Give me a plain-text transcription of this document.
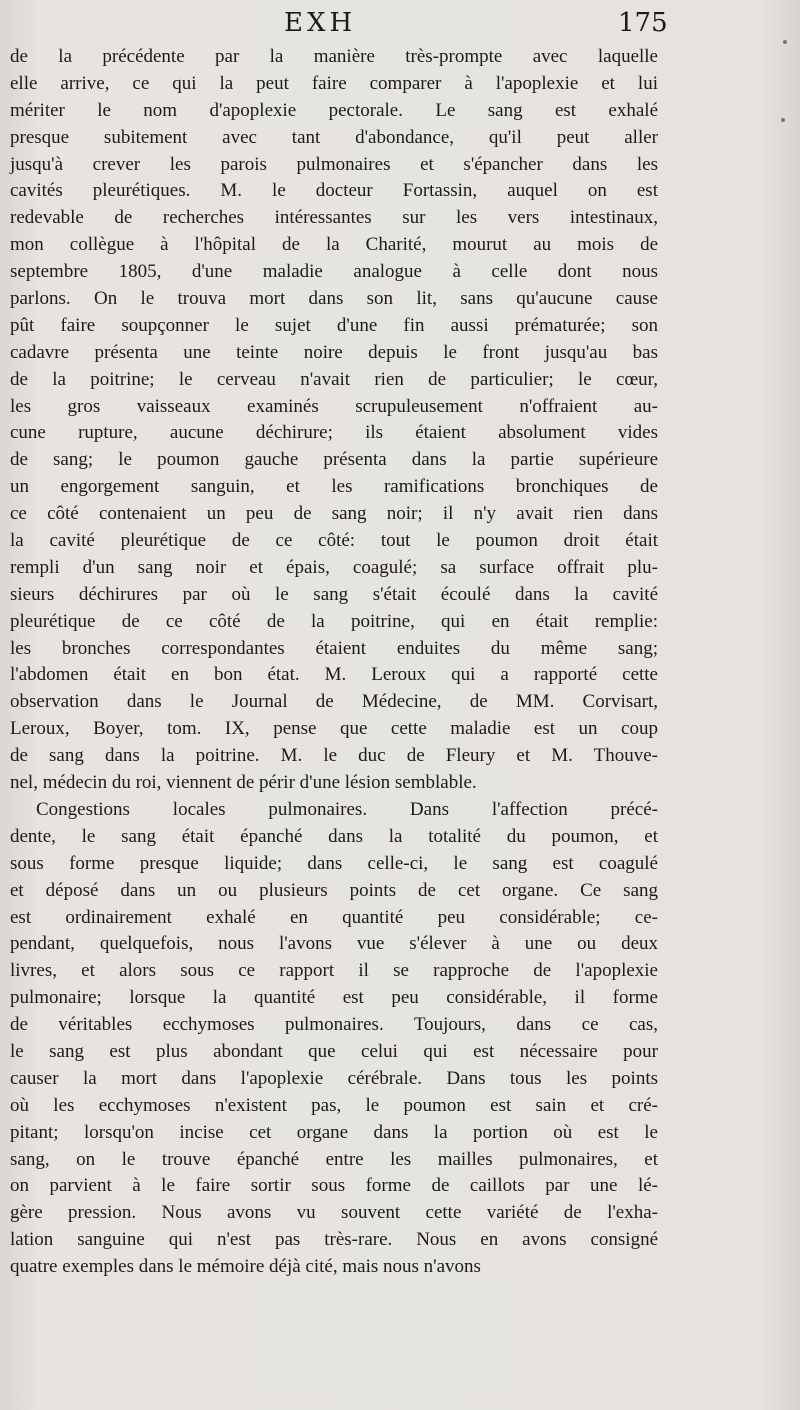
EXH	175
de la précédente par la manière très-prompte avec laquelle
elle arrive, ce qui la peut faire comparer à l'apoplexie et lui
mériter le nom d'apoplexie pectorale. Le sang est exhalé
presque subitement avec tant d'abondance, qu'il peut aller
jusqu'à crever les parois pulmonaires et s'épancher dans les
cavités pleurétiques. M. le docteur Fortassin, auquel on est
redevable de recherches intéressantes sur les vers intestinaux,
mon collègue à l'hôpital de la Charité, mourut au mois de
septembre 1805, d'une maladie analogue à celle dont nous
parlons. On le trouva mort dans son lit, sans qu'aucune cause
pût faire soupçonner le sujet d'une fin aussi prématurée; son
cadavre présenta une teinte noire depuis le front jusqu'au bas
de la poitrine; le cerveau n'avait rien de particulier; le cœur,
les gros vaisseaux examinés scrupuleusement n'offraient au-
cune rupture, aucune déchirure; ils étaient absolument vides
de sang; le poumon gauche présenta dans la partie supérieure
un engorgement sanguin, et les ramifications bronchiques de
ce côté contenaient un peu de sang noir; il n'y avait rien dans
la cavité pleurétique de ce côté: tout le poumon droit était
rempli d'un sang noir et épais, coagulé; sa surface offrait plu-
sieurs déchirures par où le sang s'était écoulé dans la cavité
pleurétique de ce côté de la poitrine, qui en était remplie:
les bronches correspondantes étaient enduites du même sang;
l'abdomen était en bon état. M. Leroux qui a rapporté cette
observation dans le Journal de Médecine, de MM. Corvisart,
Leroux, Boyer, tom. IX, pense que cette maladie est un coup
de sang dans la poitrine. M. le duc de Fleury et M. Thouve-
nel, médecin du roi, viennent de périr d'une lésion semblable.
Congestions locales pulmonaires. Dans l'affection précé-
dente, le sang était épanché dans la totalité du poumon, et
sous forme presque liquide; dans celle-ci, le sang est coagulé
et déposé dans un ou plusieurs points de cet organe. Ce sang
est ordinairement exhalé en quantité peu considérable; ce-
pendant, quelquefois, nous l'avons vue s'élever à une ou deux
livres, et alors sous ce rapport il se rapproche de l'apoplexie
pulmonaire; lorsque la quantité est peu considérable, il forme
de véritables ecchymoses pulmonaires. Toujours, dans ce cas,
le sang est plus abondant que celui qui est nécessaire pour
causer la mort dans l'apoplexie cérébrale. Dans tous les points
où les ecchymoses n'existent pas, le poumon est sain et cré-
pitant; lorsqu'on incise cet organe dans la portion où est le
sang, on le trouve épanché entre les mailles pulmonaires, et
on parvient à le faire sortir sous forme de caillots par une lé-
gère pression. Nous avons vu souvent cette variété de l'exha-
lation sanguine qui n'est pas très-rare. Nous en avons consigné
quatre exemples dans le mémoire déjà cité, mais nous n'avons
